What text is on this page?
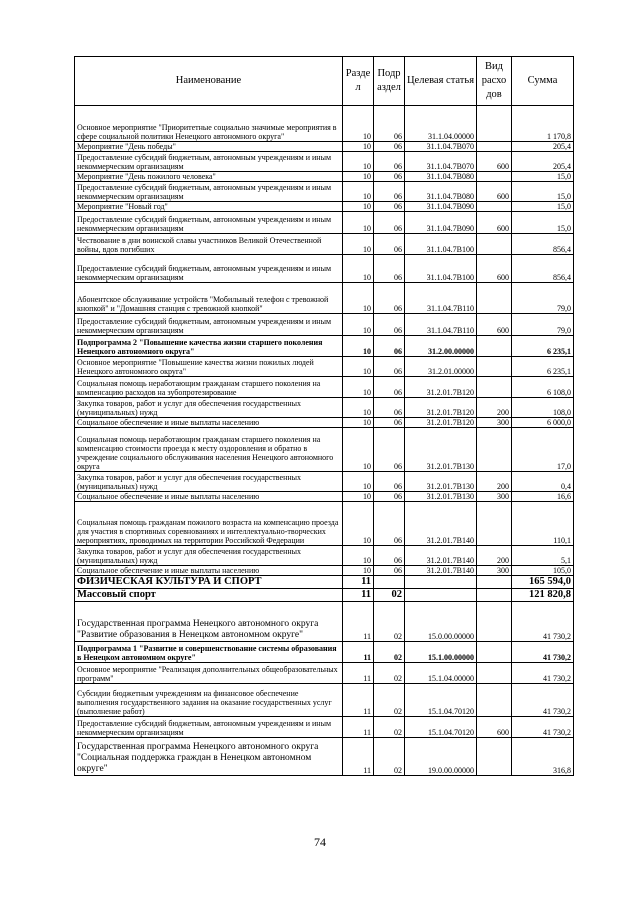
Наименование	Разде л	Подр аздел	Целевая статья	Вид расхо дов	Сумма
Основное мероприятие "Приоритетные социально значимые мероприятия в сфере социальной политики Ненецкого автономного округа"	10	06	31.1.04.00000		1 170,8
Мероприятие "День победы"	10	06	31.1.04.7В070		205,4
Предоставление субсидий бюджетным, автономным учреждениям и иным некоммерческим организациям	10	06	31.1.04.7В070	600	205,4
Мероприятие "День пожилого человека"	10	06	31.1.04.7В080		15,0
Предоставление субсидий бюджетным, автономным учреждениям и иным некоммерческим организациям	10	06	31.1.04.7В080	600	15,0
Мероприятие "Новый год"	10	06	31.1.04.7В090		15,0
Предоставление субсидий бюджетным, автономным учреждениям и иным некоммерческим организациям	10	06	31.1.04.7В090	600	15,0
Чествование в дни воинской славы участников Великой Отечественной войны, вдов погибших	10	06	31.1.04.7В100		856,4
Предоставление субсидий бюджетным, автономным учреждениям и иным некоммерческим организациям	10	06	31.1.04.7В100	600	856,4
Абонентское обслуживание устройств "Мобильный телефон с тревожной кнопкой" и "Домашняя станция с тревожной кнопкой"	10	06	31.1.04.7В110		79,0
Предоставление субсидий бюджетным, автономным учреждениям и иным некоммерческим организациям	10	06	31.1.04.7В110	600	79,0
Подпрограмма 2 "Повышение качества жизни старшего поколения Ненецкого автономного округа"	10	06	31.2.00.00000		6 235,1
Основное мероприятие "Повышение качества жизни пожилых людей Ненецкого автономного округа"	10	06	31.2.01.00000		6 235,1
Социальная помощь неработающим гражданам старшего поколения на компенсацию расходов на зубопротезирование	10	06	31.2.01.7В120		6 108,0
Закупка товаров, работ и услуг для обеспечения государственных (муниципальных) нужд	10	06	31.2.01.7В120	200	108,0
Социальное обеспечение и иные выплаты населению	10	06	31.2.01.7В120	300	6 000,0
Социальная помощь неработающим гражданам старшего поколения на компенсацию стоимости проезда к месту оздоровления и обратно в учреждение социального обслуживания населения Ненецкого автономного округа	10	06	31.2.01.7В130		17,0
Закупка товаров, работ и услуг для обеспечения государственных (муниципальных) нужд	10	06	31.2.01.7В130	200	0,4
Социальное обеспечение и иные выплаты населению	10	06	31.2.01.7В130	300	16,6
Социальная помощь гражданам пожилого возраста на компенсацию проезда для участия в спортивных соревнованиях и интеллектуально-творческих мероприятиях, проводимых на территории Российской Федерации	10	06	31.2.01.7В140		110,1
Закупка товаров, работ и услуг для обеспечения государственных (муниципальных) нужд	10	06	31.2.01.7В140	200	5,1
Социальное обеспечение и иные выплаты населению	10	06	31.2.01.7В140	300	105,0
ФИЗИЧЕСКАЯ КУЛЬТУРА И СПОРТ	11				165 594,0
Массовый спорт	11	02			121 820,8
Государственная программа Ненецкого автономного округа "Развитие образования в Ненецком автономном округе"	11	02	15.0.00.00000		41 730,2
Подпрограмма 1 "Развитие и совершенствование системы образования в Ненецком автономном округе"	11	02	15.1.00.00000		41 730,2
Основное мероприятие "Реализация дополнительных общеобразовательных программ"	11	02	15.1.04.00000		41 730,2
Субсидии бюджетным учреждениям на финансовое обеспечение выполнения государственного задания на оказание государственных услуг (выполнение работ)	11	02	15.1.04.70120		41 730,2
Предоставление субсидий бюджетным, автономным учреждениям и иным некоммерческим организациям	11	02	15.1.04.70120	600	41 730,2
Государственная программа Ненецкого автономного округа "Социальная поддержка граждан в Ненецком автономном округе"	11	02	19.0.00.00000		316,8
74
